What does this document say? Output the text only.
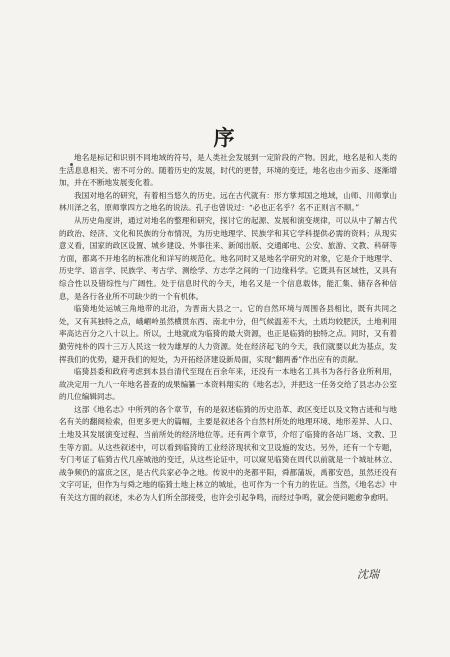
序

地名是标记和识别不同地域的符号，是人类社会发展到一定阶段的产物。因此，地名是和人类的生活息息相关、密不可分的。随着历史的发展，时代的更替，环境的变迁，地名也由少而多、逐渐增加，并在不断地发展变化着。

我国对地名的研究，有着相当悠久的历史。远在古代就有：形方掌邦国之地域，山师、川师掌山林川泽之名，原师掌四方之地名的说法。孔子也曾说过：“必也正名乎？名不正则言不顺。”

从历史角度讲，通过对地名的整理和研究，探讨它的起源、发展和演变规律，可以从中了解古代的政治、经济、文化和民族的分布情况，为历史地理学、民族学和其它学科提供必需的资料；从现实意义看，国家的政区设置、城乡建设、外事往来、新闻出版、交通邮电、公安、旅游、文教、科研等方面，都离不开地名的标准化和详写的规范化。地名同时又是地名学研究的对象，它是介于地理学、历史学、语言学、民族学、考古学、测绘学、方志学之间的一门边缘科学。它既具有区域性，又具有综合性以及错综性与广阔性。处于信息时代的今天，地名又是一个信息载体，能汇集、储存各种信息，是各行各业所不可缺少的一个有机体。

临猗地处运城三角地带的北沿，为晋南大县之一。它的自然环境与周围各县相比，既有共同之处，又有其独特之点，峨嵋岭虽然横贯东西、南北中分，但气候温差不大，土质均较肥沃，土地利用率高达百分之八十以上。所以，土地就成为临猗的最大资源，也正是临猗的独特之点。同时，又有着勤劳纯朴的四十三万人民这一较为雄厚的人力资源。处在经济起飞的今天，我们就要以此为基点，发挥我们的优势，避开我们的短处，为开拓经济建设新局面，实现“翻两番”作出应有的贡献。

临猗县委和政府考虑到本县自清代至现在百余年来，还没有一本地名工具书为各行各业所利用，故决定用一九八一年地名普查的成果编纂一本资料翔实的《地名志》，并把这一任务交给了县志办公室的几位编辑同志。

这部《地名志》中所列的各个章节，有的是叙述临猗的历史沿革、政区变迁以及文物古迹和与地名有关的翻阅检索，但更多更大的篇幅，主要是叙述各个自然村所处的地理环境、地形差异、人口、土地及其发展演变过程、当前所处的经济地位等。还有两个章节，介绍了临猗的各站厂场、文教、卫生等方面。从这些叙述中，可以看到临猗的工业经济现状和文卫设施的发达。另外，还有一个专题，专门考证了临猗古代几座城池的变迁，从这些论证中，可以窥见临猗在周代以前就是一个城址林立、战争频仍的富庶之区，是古代兵家必争之地。传说中的尧都平阳，舜都蒲坂，禹都安邑，虽然还没有文字可证，但作为与舜之地的临猗土地上林立的城址，也可作为一个有力的佐证。当然，《地名志》中有关这方面的叙述，未必为人们所全部接受，也许会引起争鸣，而经过争鸣，就会使问题愈争愈明。

沈瑞
